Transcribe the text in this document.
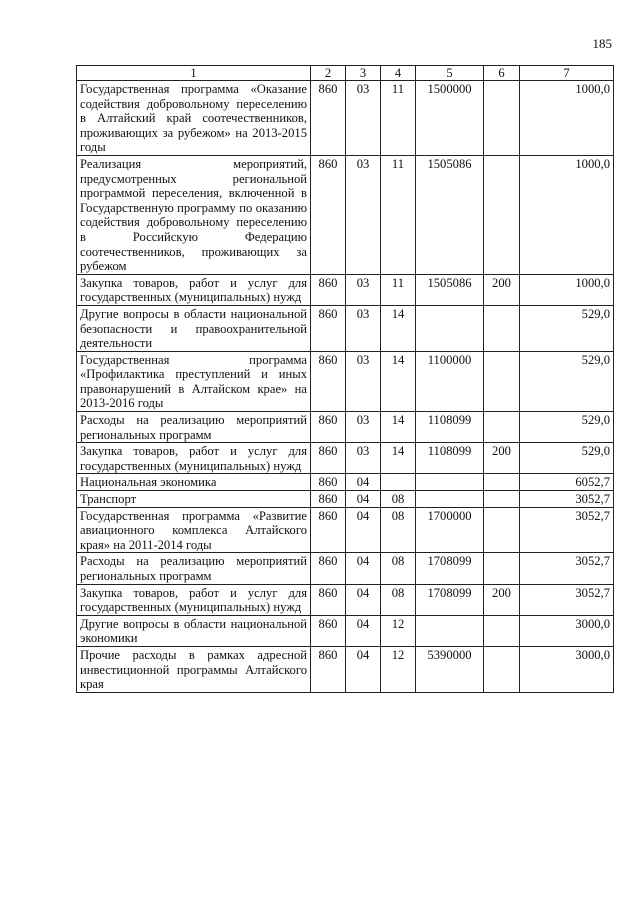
185
1	2	3	4	5	6	7
Государственная программа «Оказание содействия добровольному переселению в Алтайский край соотечественников, проживающих за рубежом» на 2013-2015 годы	860	03	11	1500000		1000,0
Реализация мероприятий, предусмотренных региональной программой переселения, включенной в Государственную программу по оказанию содействия добровольному переселению в Российскую Федерацию соотечественников, проживающих за рубежом	860	03	11	1505086		1000,0
Закупка товаров, работ и услуг для государственных (муниципальных) нужд	860	03	11	1505086	200	1000,0
Другие вопросы в области национальной безопасности и правоохранительной деятельности	860	03	14			529,0
Государственная программа «Профилактика преступлений и иных правонарушений в Алтайском крае» на 2013-2016 годы	860	03	14	1100000		529,0
Расходы на реализацию мероприятий региональных программ	860	03	14	1108099		529,0
Закупка товаров, работ и услуг для государственных (муниципальных) нужд	860	03	14	1108099	200	529,0
Национальная экономика	860	04				6052,7
Транспорт	860	04	08			3052,7
Государственная программа «Развитие авиационного комплекса Алтайского края» на 2011-2014 годы	860	04	08	1700000		3052,7
Расходы на реализацию мероприятий региональных программ	860	04	08	1708099		3052,7
Закупка товаров, работ и услуг для государственных (муниципальных) нужд	860	04	08	1708099	200	3052,7
Другие вопросы в области национальной экономики	860	04	12			3000,0
Прочие расходы в рамках адресной инвестиционной программы Алтайского края	860	04	12	5390000		3000,0
